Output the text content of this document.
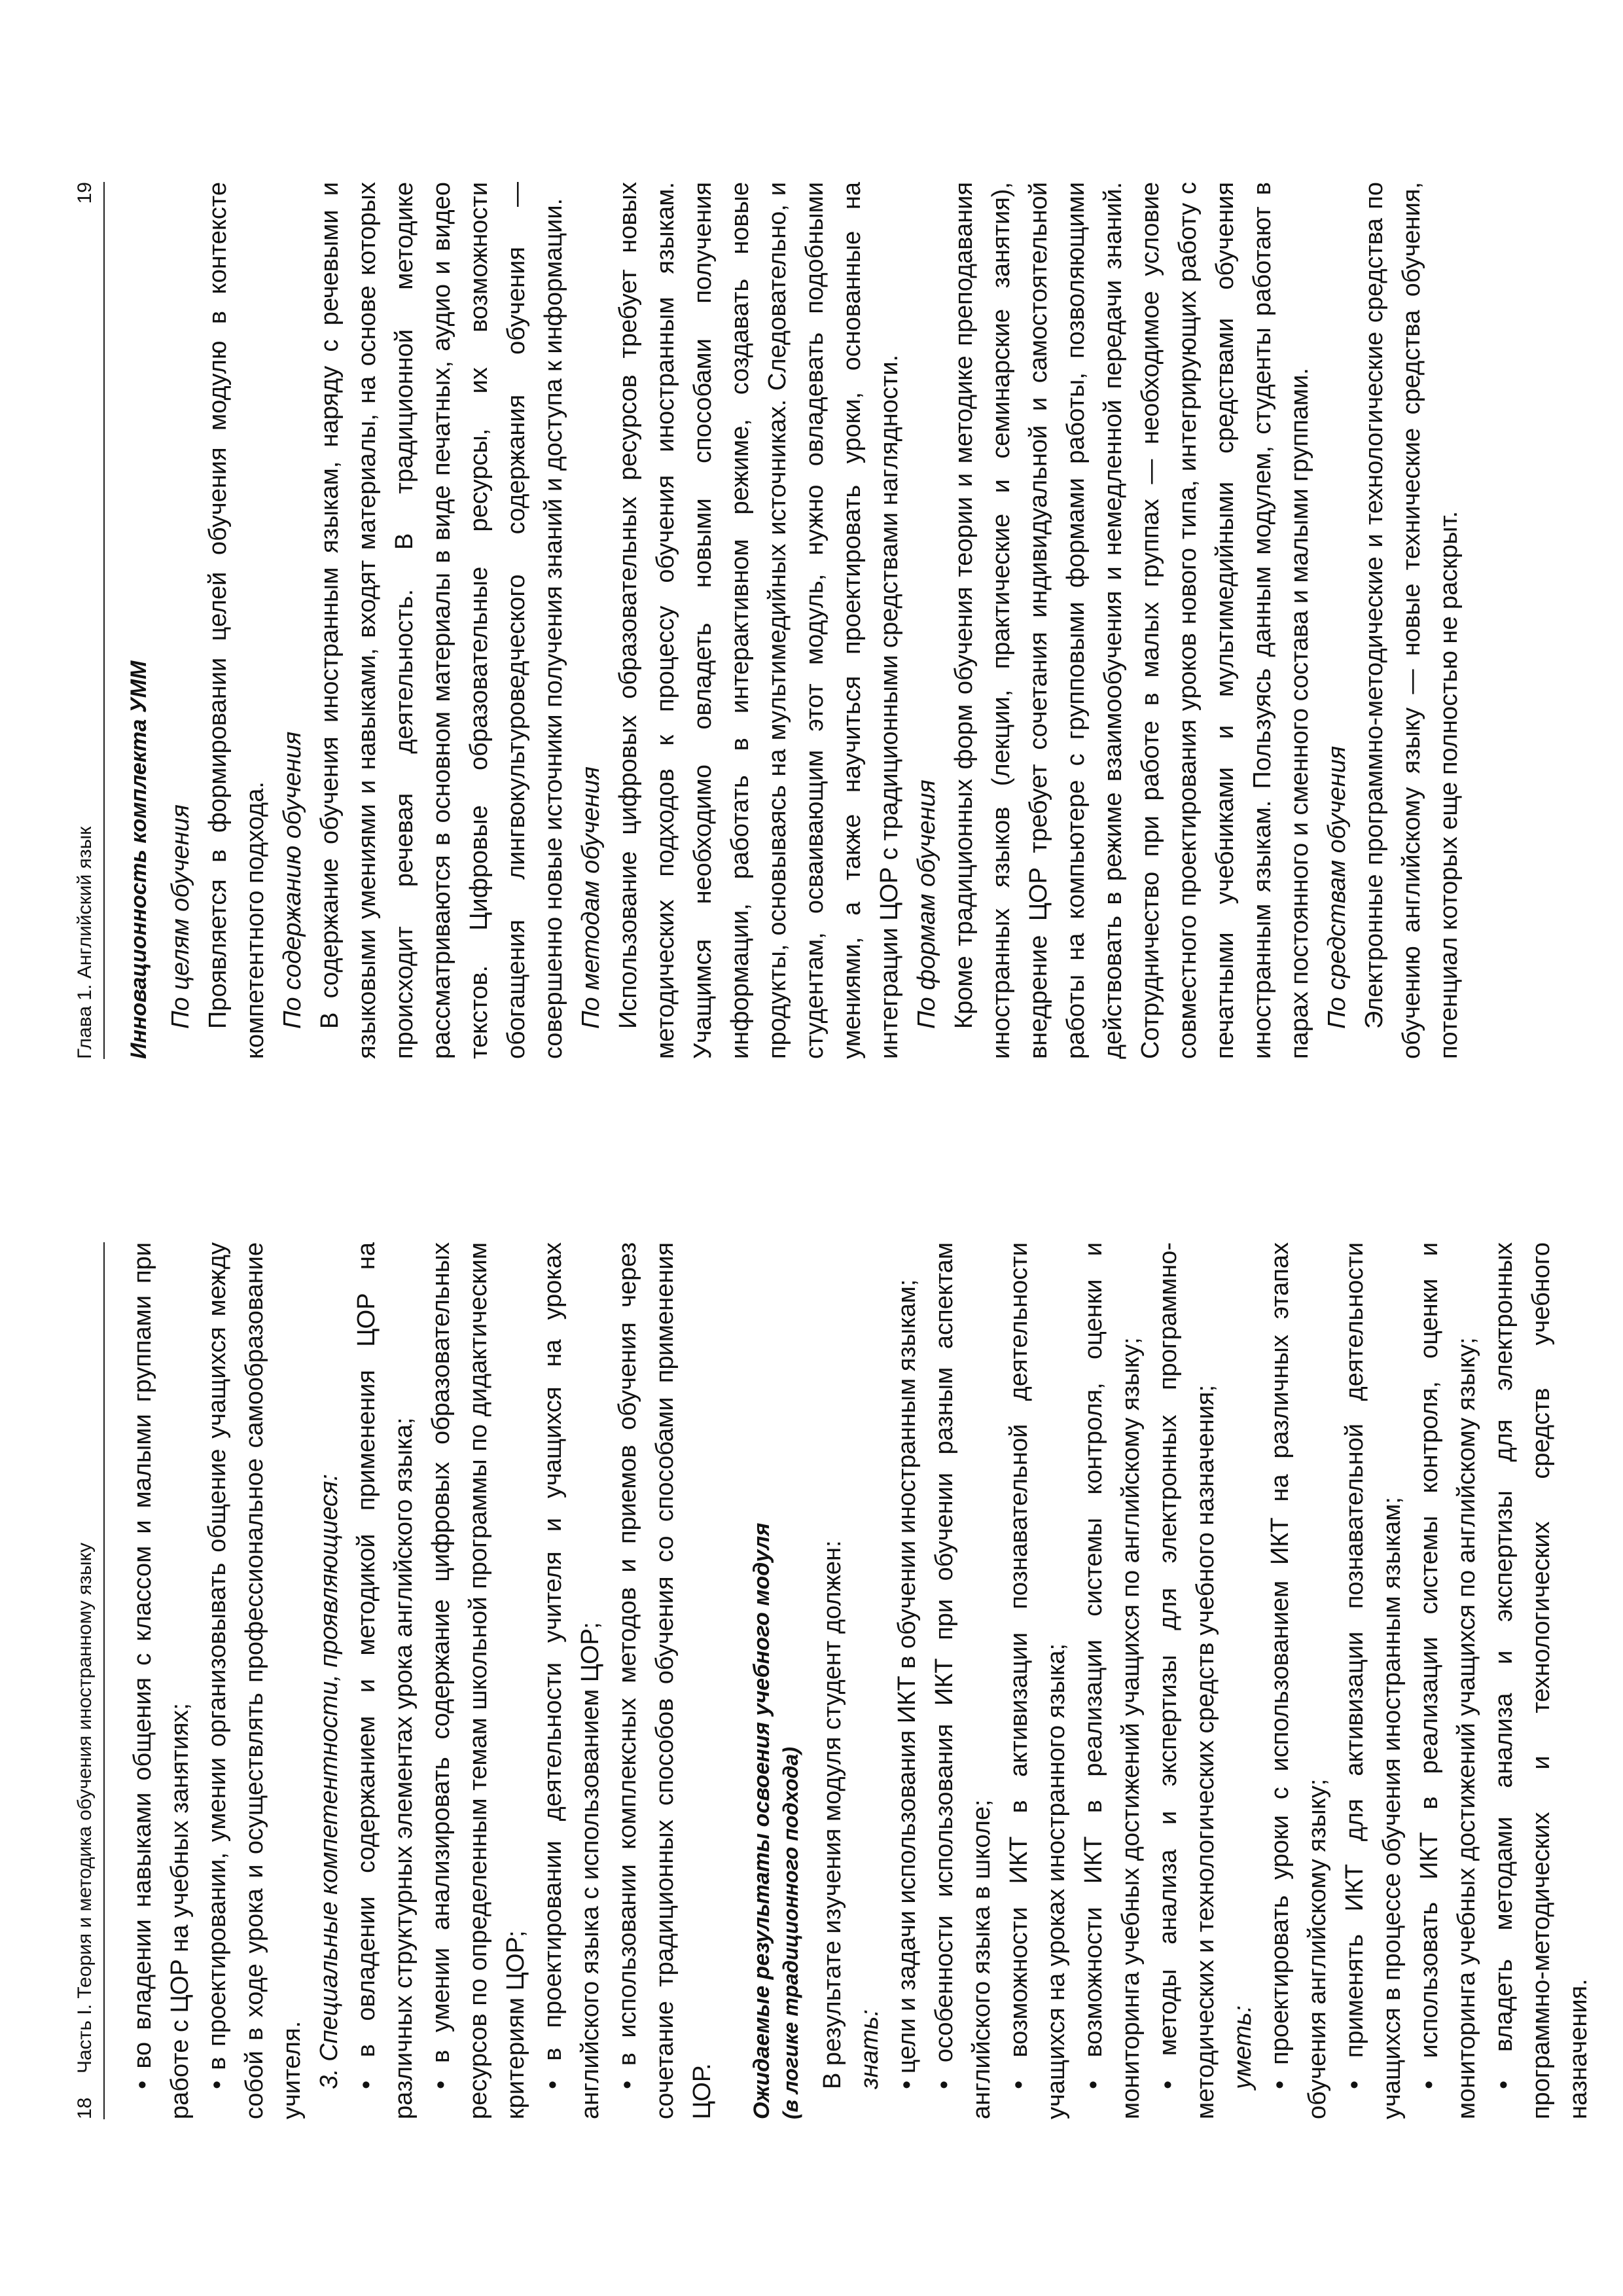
18
Часть I. Теория и методика обучения иностранному языку • во владении навыками общения с классом и малыми группами при работе с ЦОР на учебных занятиях; • в проектировании, умении организовывать общение учащихся между собой в ходе урока и осуществлять профессиональное самообразование учителя. 3. Специальные компетентности, проявляющиеся: • в овладении содержанием и методикой применения ЦОР на различных структурных элементах урока английского языка; • в умении анализировать содержание цифровых образовательных ресурсов по определенным темам школьной программы по дидактическим критериям ЦОР; • в проектировании деятельности учителя и учащихся на уроках английского языка с использованием ЦОР; • в использовании комплексных методов и приемов обучения через сочетание традиционных способов обучения со способами применения ЦОР. Ожидаемые результаты освоения учебного модуля (в логике традиционного подхода) В результате изучения модуля студент должен: знать: • цели и задачи использования ИКТ в обучении иностранным языкам; • особенности использования ИКТ при обучении разным аспектам английского языка в школе; • возможности ИКТ в активизации познавательной деятельности учащихся на уроках иностранного языка; • возможности ИКТ в реализации системы контроля, оценки и мониторинга учебных достижений учащихся по английскому языку; • методы анализа и экспертизы для электронных программно-методических и технологических средств учебного назначения; уметь: • проектировать уроки с использованием ИКТ на различных этапах обучения английскому языку; • применять ИКТ для активизации познавательной деятельности учащихся в процессе обучения иностранным языкам; • использовать ИКТ в реализации системы контроля, оценки и мониторинга учебных достижений учащихся по английскому языку; • владеть методами анализа и экспертизы для электронных программно-методических и технологических средств учебного назначения.

Глава 1. Английский язык
19
Инновационность комплекта УММ По целям обучения Проявляется в формировании целей обучения модулю в контексте компетентного подхода. По содержанию обучения В содержание обучения иностранным языкам, наряду с речевыми и языковыми умениями и навыками, входят материалы, на основе которых происходит речевая деятельность. В традиционной методике рассматриваются в основном материалы в виде печатных, аудио и видео текстов. Цифровые образовательные ресурсы, их возможности обогащения лингвокультуроведческого содержания обучения — совершенно новые источники получения знаний и доступа к информации. По методам обучения Использование цифровых образовательных ресурсов требует новых методических подходов к процессу обучения иностранным языкам. Учащимся необходимо овладеть новыми способами получения информации, работать в интерактивном режиме, создавать новые продукты, основываясь на мультимедийных источниках. Следовательно, и студентам, осваивающим этот модуль, нужно овладевать подобными умениями, а также научиться проектировать уроки, основанные на интеграции ЦОР с традиционными средствами наглядности. По формам обучения Кроме традиционных форм обучения теории и методике преподавания иностранных языков (лекции, практические и семинарские занятия), внедрение ЦОР требует сочетания индивидуальной и самостоятельной работы на компьютере с групповыми формами работы, позволяющими действовать в режиме взаимообучения и немедленной передачи знаний. Сотрудничество при работе в малых группах — необходимое условие совместного проектирования уроков нового типа, интегрирующих работу с печатными учебниками и мультимедийными средствами обучения иностранным языкам. Пользуясь данным модулем, студенты работают в парах постоянного и сменного состава и малыми группами. По средствам обучения Электронные программно-методические и технологические средства по обучению английскому языку — новые технические средства обучения, потенциал которых еще полностью не раскрыт.
